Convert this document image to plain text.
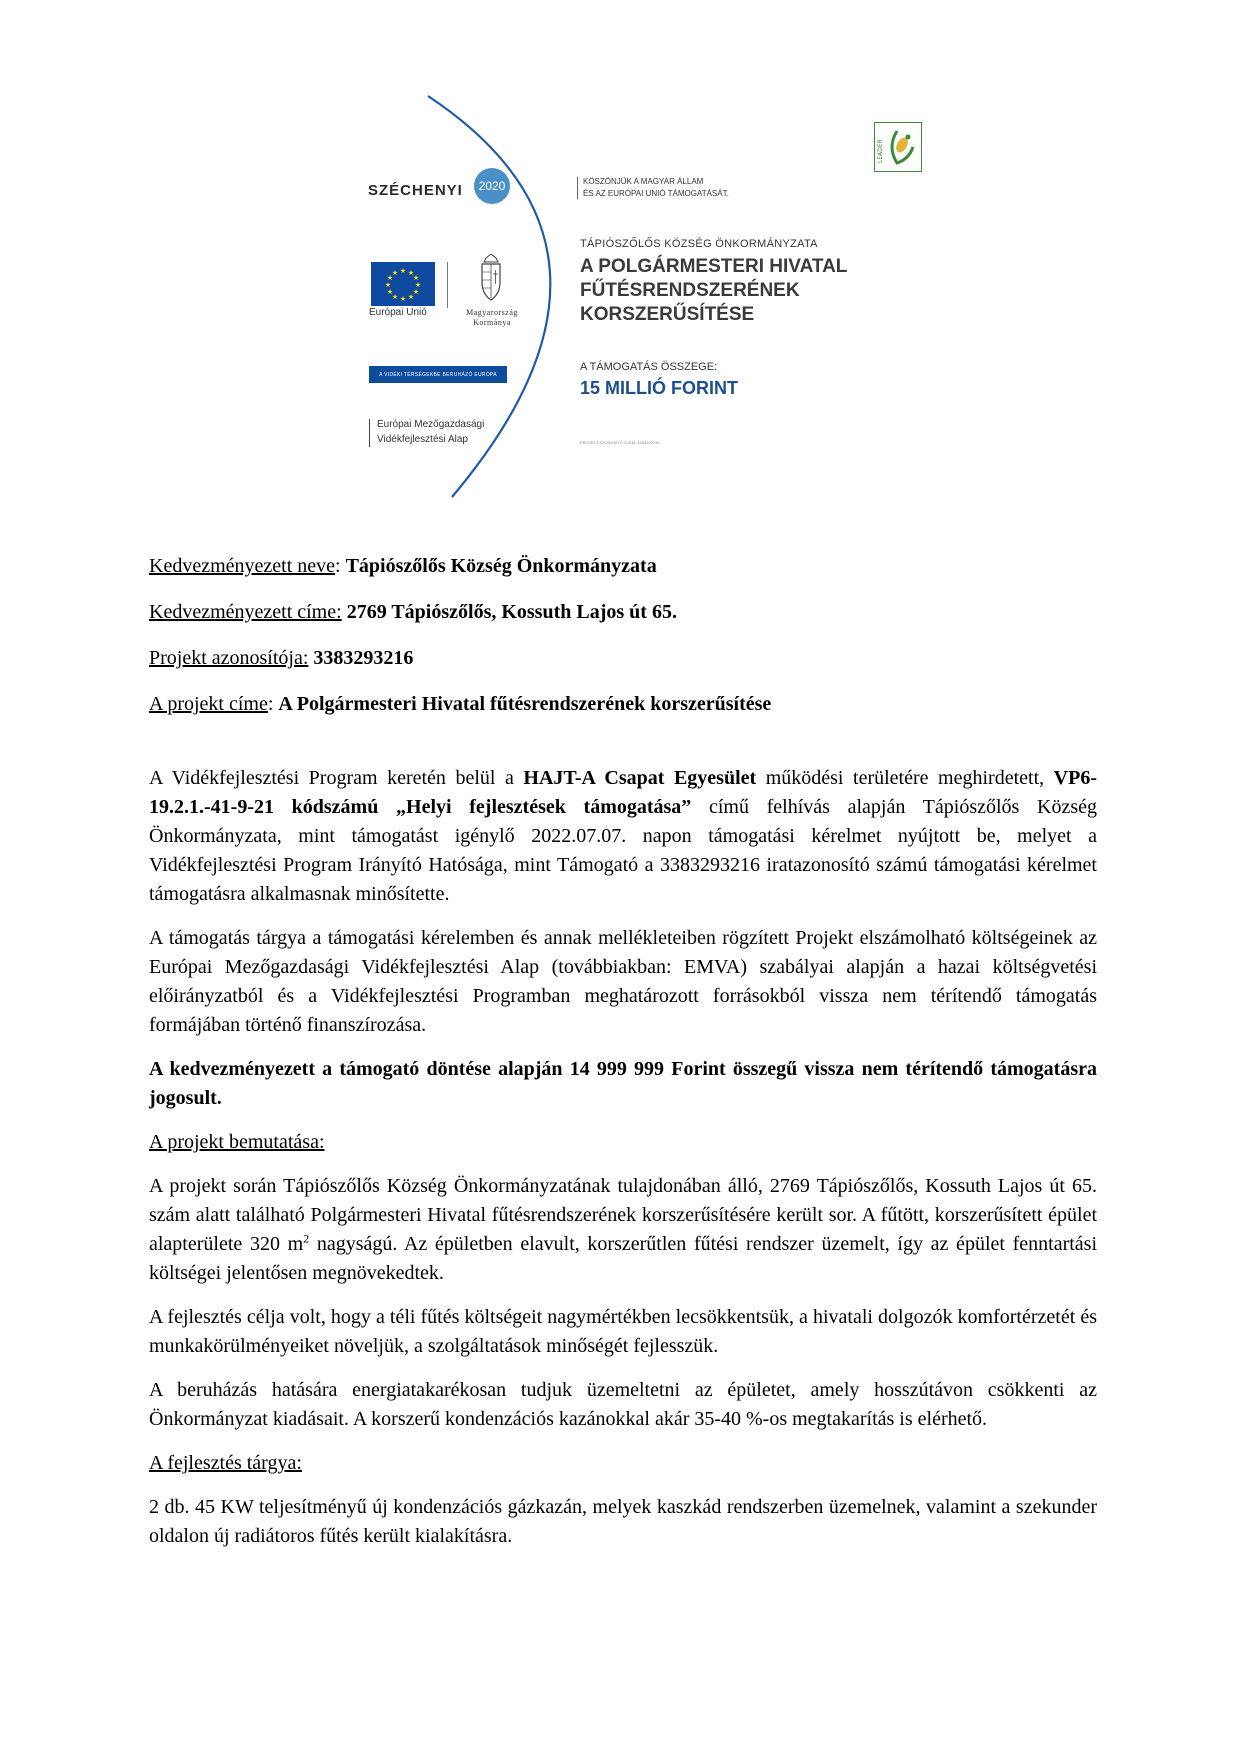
SZÉCHENYI	2020
★ ★
★
★
★
★
★
★
★
★
★
★
Európai Unió	Magyarország
Kormánya
A VIDÉKI TÉRSÉGEKBE BERUHÁZÓ EURÓPA
Európai Mezőgazdasági
Vidékfejlesztési Alap
KÖSZÖNJÜK A MAGYAR ÁLLAM
ÉS AZ EURÓPAI UNIÓ TÁMOGATÁSÁT.
LEADER
TÁPIÓSZŐLŐS KÖZSÉG ÖNKORMÁNYZATA
A POLGÁRMESTERI HIVATAL
FŰTÉSRENDSZERÉNEK
KORSZERŰSÍTÉSE
A TÁMOGATÁS ÖSSZEGE:
15 MILLIÓ FORINT
PROJEKT AZONOSÍTÓ SZÁM: 3383293216
Kedvezményezett neve: Tápiószőlős Község Önkormányzata
Kedvezményezett címe: 2769 Tápiószőlős, Kossuth Lajos út 65.
Projekt azonosítója: 3383293216
A projekt címe: A Polgármesteri Hivatal fűtésrendszerének korszerűsítése

A Vidékfejlesztési Program keretén belül a HAJT-A Csapat Egyesület működési területére meghirdetett, VP6-19.2.1.-41-9-21 kódszámú „Helyi fejlesztések támogatása” című felhívás alapján Tápiószőlős Község Önkormányzata, mint támogatást igénylő 2022.07.07. napon támogatási kérelmet nyújtott be, melyet a Vidékfejlesztési Program Irányító Hatósága, mint Támogató a 3383293216 iratazonosító számú támogatási kérelmet támogatásra alkalmasnak minősítette.

A támogatás tárgya a támogatási kérelemben és annak mellékleteiben rögzített Projekt elszámolható költségeinek az Európai Mezőgazdasági Vidékfejlesztési Alap (továbbiakban: EMVA) szabályai alapján a hazai költségvetési előirányzatból és a Vidékfejlesztési Programban meghatározott forrásokból vissza nem térítendő támogatás formájában történő finanszírozása.

A kedvezményezett a támogató döntése alapján 14 999 999 Forint összegű vissza nem térítendő támogatásra jogosult.

A projekt bemutatása:

A projekt során Tápiószőlős Község Önkormányzatának tulajdonában álló, 2769 Tápiószőlős, Kossuth Lajos út 65. szám alatt található Polgármesteri Hivatal fűtésrendszerének korszerűsítésére került sor. A fűtött, korszerűsített épület alapterülete 320 $m^2$ nagyságú. Az épületben elavult, korszerűtlen fűtési rendszer üzemelt, így az épület fenntartási költségei jelentősen megnövekedtek.

A fejlesztés célja volt, hogy a téli fűtés költségeit nagymértékben lecsökkentsük, a hivatali dolgozók komfortérzetét és munkakörülményeiket növeljük, a szolgáltatások minőségét fejlesszük.

A beruházás hatására energiatakarékosan tudjuk üzemeltetni az épületet, amely hosszútávon csökkenti az Önkormányzat kiadásait. A korszerű kondenzációs kazánokkal akár 35-40 %-os megtakarítás is elérhető.

A fejlesztés tárgya:

2 db. 45 KW teljesítményű új kondenzációs gázkazán, melyek kaszkád rendszerben üzemelnek, valamint a szekunder oldalon új radiátoros fűtés került kialakításra.
